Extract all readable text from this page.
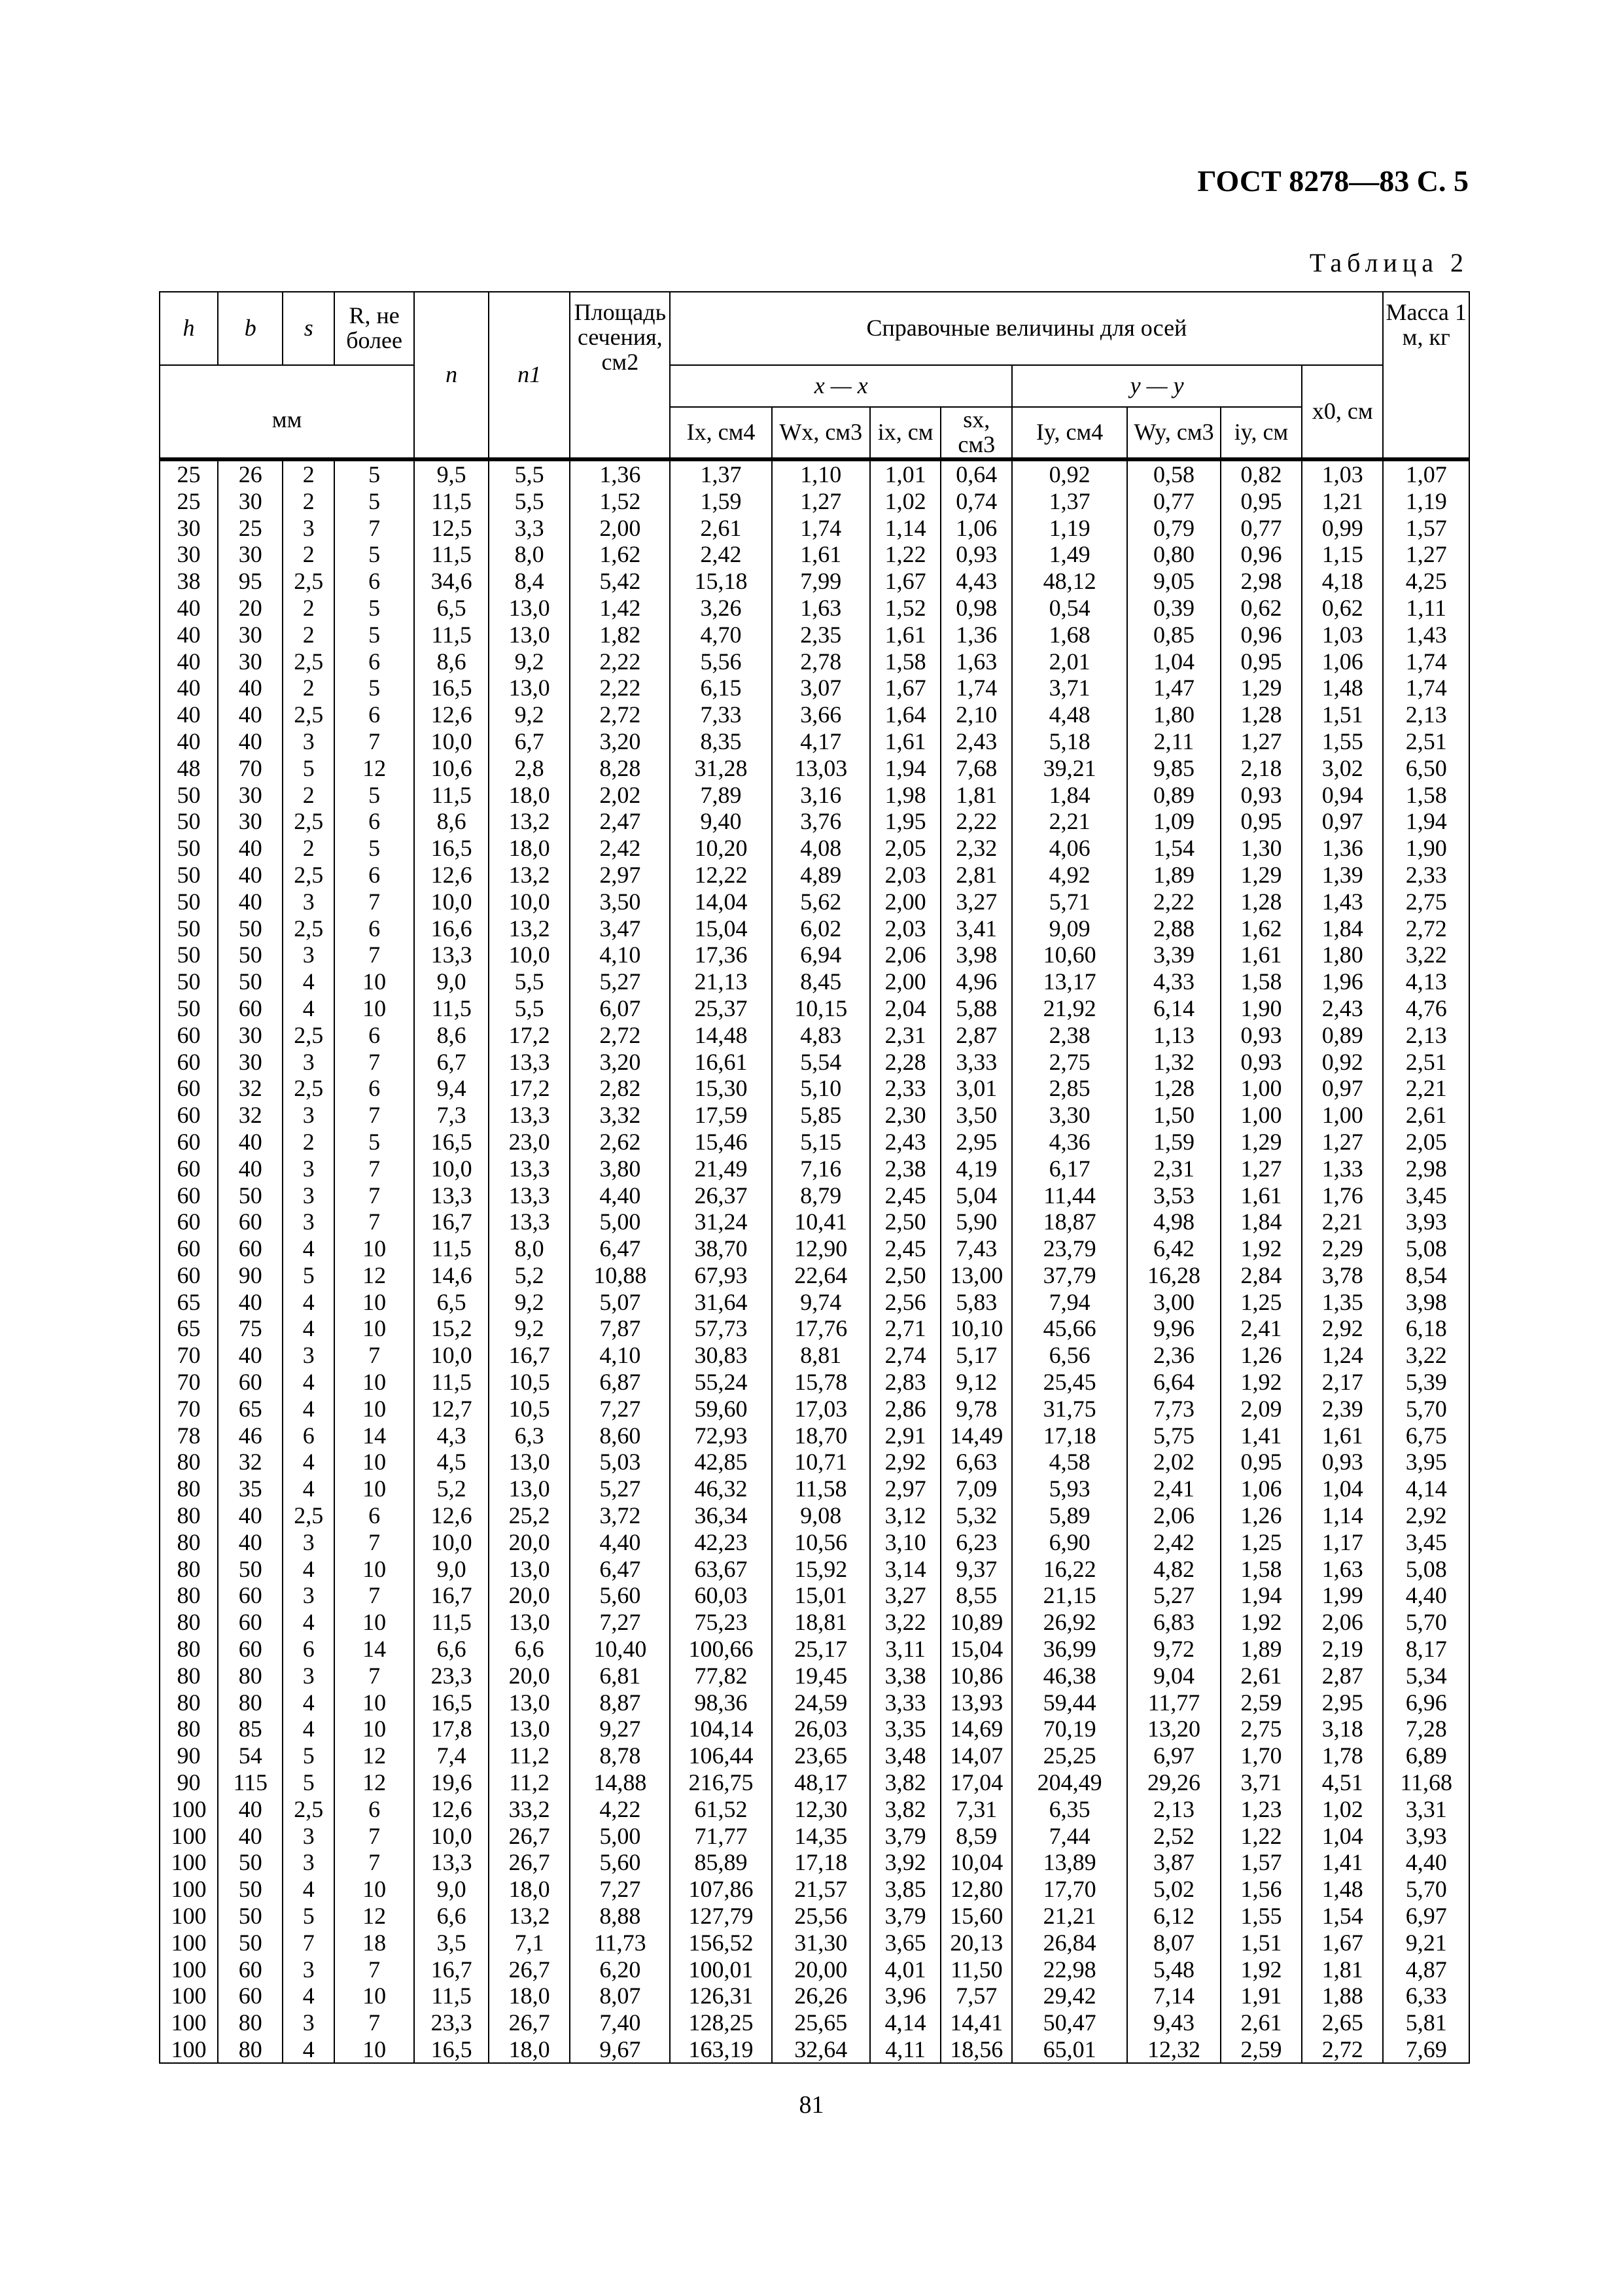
ГОСТ 8278—83 С. 5
Таблица 2
h	b	s	R, не более	n	n1	Площадь сечения, см2	Справочные величины для осей								Масса 1 м, кг
мм							x — x				y — y			x0, см	
							Ix, см4	Wx, см3	ix, см	sx, см3	Iy, см4	Wy, см3	iy, см		
25	26	2	5	9,5	5,5	1,36	1,37	1,10	1,01	0,64	0,92	0,58	0,82	1,03	1,07
25	30	2	5	11,5	5,5	1,52	1,59	1,27	1,02	0,74	1,37	0,77	0,95	1,21	1,19
30	25	3	7	12,5	3,3	2,00	2,61	1,74	1,14	1,06	1,19	0,79	0,77	0,99	1,57
30	30	2	5	11,5	8,0	1,62	2,42	1,61	1,22	0,93	1,49	0,80	0,96	1,15	1,27
38	95	2,5	6	34,6	8,4	5,42	15,18	7,99	1,67	4,43	48,12	9,05	2,98	4,18	4,25
40	20	2	5	6,5	13,0	1,42	3,26	1,63	1,52	0,98	0,54	0,39	0,62	0,62	1,11
40	30	2	5	11,5	13,0	1,82	4,70	2,35	1,61	1,36	1,68	0,85	0,96	1,03	1,43
40	30	2,5	6	8,6	9,2	2,22	5,56	2,78	1,58	1,63	2,01	1,04	0,95	1,06	1,74
40	40	2	5	16,5	13,0	2,22	6,15	3,07	1,67	1,74	3,71	1,47	1,29	1,48	1,74
40	40	2,5	6	12,6	9,2	2,72	7,33	3,66	1,64	2,10	4,48	1,80	1,28	1,51	2,13
40	40	3	7	10,0	6,7	3,20	8,35	4,17	1,61	2,43	5,18	2,11	1,27	1,55	2,51
48	70	5	12	10,6	2,8	8,28	31,28	13,03	1,94	7,68	39,21	9,85	2,18	3,02	6,50
50	30	2	5	11,5	18,0	2,02	7,89	3,16	1,98	1,81	1,84	0,89	0,93	0,94	1,58
50	30	2,5	6	8,6	13,2	2,47	9,40	3,76	1,95	2,22	2,21	1,09	0,95	0,97	1,94
50	40	2	5	16,5	18,0	2,42	10,20	4,08	2,05	2,32	4,06	1,54	1,30	1,36	1,90
50	40	2,5	6	12,6	13,2	2,97	12,22	4,89	2,03	2,81	4,92	1,89	1,29	1,39	2,33
50	40	3	7	10,0	10,0	3,50	14,04	5,62	2,00	3,27	5,71	2,22	1,28	1,43	2,75
50	50	2,5	6	16,6	13,2	3,47	15,04	6,02	2,03	3,41	9,09	2,88	1,62	1,84	2,72
50	50	3	7	13,3	10,0	4,10	17,36	6,94	2,06	3,98	10,60	3,39	1,61	1,80	3,22
50	50	4	10	9,0	5,5	5,27	21,13	8,45	2,00	4,96	13,17	4,33	1,58	1,96	4,13
50	60	4	10	11,5	5,5	6,07	25,37	10,15	2,04	5,88	21,92	6,14	1,90	2,43	4,76
60	30	2,5	6	8,6	17,2	2,72	14,48	4,83	2,31	2,87	2,38	1,13	0,93	0,89	2,13
60	30	3	7	6,7	13,3	3,20	16,61	5,54	2,28	3,33	2,75	1,32	0,93	0,92	2,51
60	32	2,5	6	9,4	17,2	2,82	15,30	5,10	2,33	3,01	2,85	1,28	1,00	0,97	2,21
60	32	3	7	7,3	13,3	3,32	17,59	5,85	2,30	3,50	3,30	1,50	1,00	1,00	2,61
60	40	2	5	16,5	23,0	2,62	15,46	5,15	2,43	2,95	4,36	1,59	1,29	1,27	2,05
60	40	3	7	10,0	13,3	3,80	21,49	7,16	2,38	4,19	6,17	2,31	1,27	1,33	2,98
60	50	3	7	13,3	13,3	4,40	26,37	8,79	2,45	5,04	11,44	3,53	1,61	1,76	3,45
60	60	3	7	16,7	13,3	5,00	31,24	10,41	2,50	5,90	18,87	4,98	1,84	2,21	3,93
60	60	4	10	11,5	8,0	6,47	38,70	12,90	2,45	7,43	23,79	6,42	1,92	2,29	5,08
60	90	5	12	14,6	5,2	10,88	67,93	22,64	2,50	13,00	37,79	16,28	2,84	3,78	8,54
65	40	4	10	6,5	9,2	5,07	31,64	9,74	2,56	5,83	7,94	3,00	1,25	1,35	3,98
65	75	4	10	15,2	9,2	7,87	57,73	17,76	2,71	10,10	45,66	9,96	2,41	2,92	6,18
70	40	3	7	10,0	16,7	4,10	30,83	8,81	2,74	5,17	6,56	2,36	1,26	1,24	3,22
70	60	4	10	11,5	10,5	6,87	55,24	15,78	2,83	9,12	25,45	6,64	1,92	2,17	5,39
70	65	4	10	12,7	10,5	7,27	59,60	17,03	2,86	9,78	31,75	7,73	2,09	2,39	5,70
78	46	6	14	4,3	6,3	8,60	72,93	18,70	2,91	14,49	17,18	5,75	1,41	1,61	6,75
80	32	4	10	4,5	13,0	5,03	42,85	10,71	2,92	6,63	4,58	2,02	0,95	0,93	3,95
80	35	4	10	5,2	13,0	5,27	46,32	11,58	2,97	7,09	5,93	2,41	1,06	1,04	4,14
80	40	2,5	6	12,6	25,2	3,72	36,34	9,08	3,12	5,32	5,89	2,06	1,26	1,14	2,92
80	40	3	7	10,0	20,0	4,40	42,23	10,56	3,10	6,23	6,90	2,42	1,25	1,17	3,45
80	50	4	10	9,0	13,0	6,47	63,67	15,92	3,14	9,37	16,22	4,82	1,58	1,63	5,08
80	60	3	7	16,7	20,0	5,60	60,03	15,01	3,27	8,55	21,15	5,27	1,94	1,99	4,40
80	60	4	10	11,5	13,0	7,27	75,23	18,81	3,22	10,89	26,92	6,83	1,92	2,06	5,70
80	60	6	14	6,6	6,6	10,40	100,66	25,17	3,11	15,04	36,99	9,72	1,89	2,19	8,17
80	80	3	7	23,3	20,0	6,81	77,82	19,45	3,38	10,86	46,38	9,04	2,61	2,87	5,34
80	80	4	10	16,5	13,0	8,87	98,36	24,59	3,33	13,93	59,44	11,77	2,59	2,95	6,96
80	85	4	10	17,8	13,0	9,27	104,14	26,03	3,35	14,69	70,19	13,20	2,75	3,18	7,28
90	54	5	12	7,4	11,2	8,78	106,44	23,65	3,48	14,07	25,25	6,97	1,70	1,78	6,89
90	115	5	12	19,6	11,2	14,88	216,75	48,17	3,82	17,04	204,49	29,26	3,71	4,51	11,68
100	40	2,5	6	12,6	33,2	4,22	61,52	12,30	3,82	7,31	6,35	2,13	1,23	1,02	3,31
100	40	3	7	10,0	26,7	5,00	71,77	14,35	3,79	8,59	7,44	2,52	1,22	1,04	3,93
100	50	3	7	13,3	26,7	5,60	85,89	17,18	3,92	10,04	13,89	3,87	1,57	1,41	4,40
100	50	4	10	9,0	18,0	7,27	107,86	21,57	3,85	12,80	17,70	5,02	1,56	1,48	5,70
100	50	5	12	6,6	13,2	8,88	127,79	25,56	3,79	15,60	21,21	6,12	1,55	1,54	6,97
100	50	7	18	3,5	7,1	11,73	156,52	31,30	3,65	20,13	26,84	8,07	1,51	1,67	9,21
100	60	3	7	16,7	26,7	6,20	100,01	20,00	4,01	11,50	22,98	5,48	1,92	1,81	4,87
100	60	4	10	11,5	18,0	8,07	126,31	26,26	3,96	7,57	29,42	7,14	1,91	1,88	6,33
100	80	3	7	23,3	26,7	7,40	128,25	25,65	4,14	14,41	50,47	9,43	2,61	2,65	5,81
100	80	4	10	16,5	18,0	9,67	163,19	32,64	4,11	18,56	65,01	12,32	2,59	2,72	7,69
81
